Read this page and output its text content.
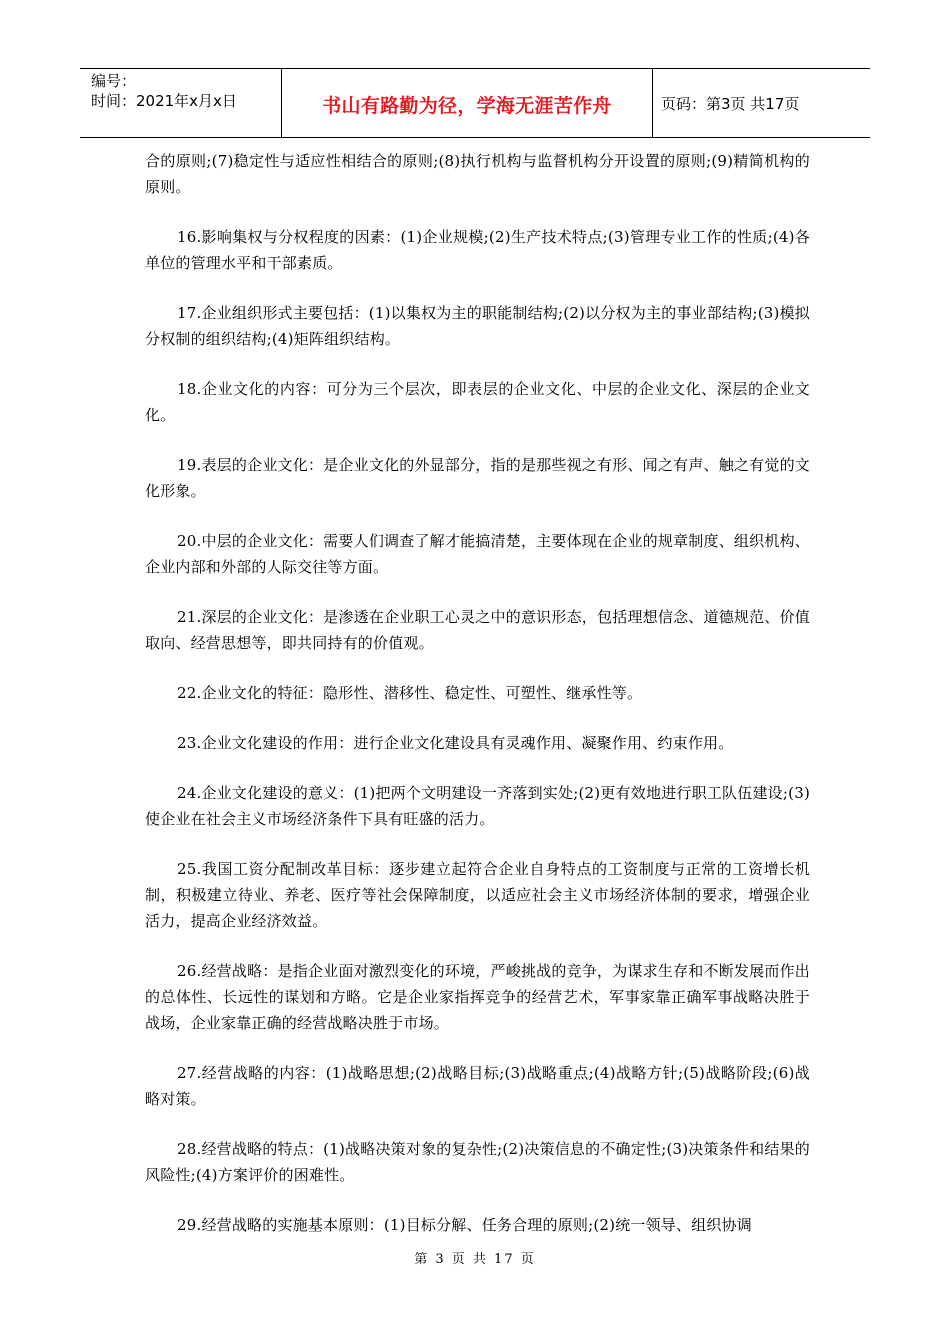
编号：
时间：2021年x月x日	书山有路勤为径，学海无涯苦作舟	页码：第3页 共17页

合的原则;(7)稳定性与适应性相结合的原则;(8)执行机构与监督机构分开设置的原则;(9)精简机构的原则。

16.影响集权与分权程度的因素：(1)企业规模;(2)生产技术特点;(3)管理专业工作的性质;(4)各单位的管理水平和干部素质。

17.企业组织形式主要包括：(1)以集权为主的职能制结构;(2)以分权为主的事业部结构;(3)模拟分权制的组织结构;(4)矩阵组织结构。

18.企业文化的内容：可分为三个层次，即表层的企业文化、中层的企业文化、深层的企业文化。

19.表层的企业文化：是企业文化的外显部分，指的是那些视之有形、闻之有声、触之有觉的文化形象。

20.中层的企业文化：需要人们调查了解才能搞清楚，主要体现在企业的规章制度、组织机构、企业内部和外部的人际交往等方面。

21.深层的企业文化：是渗透在企业职工心灵之中的意识形态，包括理想信念、道德规范、价值取向、经营思想等，即共同持有的价值观。

22.企业文化的特征：隐形性、潜移性、稳定性、可塑性、继承性等。

23.企业文化建设的作用：进行企业文化建设具有灵魂作用、凝聚作用、约束作用。

24.企业文化建设的意义：(1)把两个文明建设一齐落到实处;(2)更有效地进行职工队伍建设;(3)使企业在社会主义市场经济条件下具有旺盛的活力。

25.我国工资分配制改革目标：逐步建立起符合企业自身特点的工资制度与正常的工资增长机制，积极建立待业、养老、医疗等社会保障制度，以适应社会主义市场经济体制的要求，增强企业活力，提高企业经济效益。

26.经营战略：是指企业面对激烈变化的环境，严峻挑战的竞争，为谋求生存和不断发展而作出的总体性、长远性的谋划和方略。它是企业家指挥竞争的经营艺术，军事家靠正确军事战略决胜于战场，企业家靠正确的经营战略决胜于市场。

27.经营战略的内容：(1)战略思想;(2)战略目标;(3)战略重点;(4)战略方针;(5)战略阶段;(6)战略对策。

28.经营战略的特点：(1)战略决策对象的复杂性;(2)决策信息的不确定性;(3)决策条件和结果的风险性;(4)方案评价的困难性。

29.经营战略的实施基本原则：(1)目标分解、任务合理的原则;(2)统一领导、组织协调

第 3 页 共 17 页
